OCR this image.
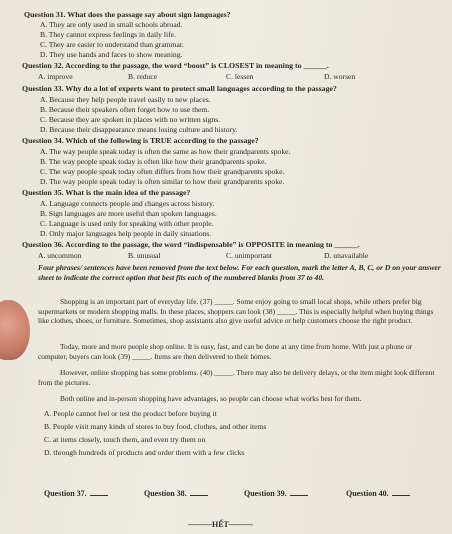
Question 31. What does the passage say about sign languages?
A. They are only used in small schools abroad.
B. They cannot express feelings in daily life.
C. They are easier to understand than grammar.
D. They use hands and faces to show meaning.
Question 32. According to the passage, the word “boost” is CLOSEST in meaning to ______.
A. improve	B. reduce	C. lessen	D. worsen
Question 33. Why do a lot of experts want to protect small languages according to the passage?
A. Because they help people travel easily to new places.
B. Because their speakers often forget how to use them.
C. Because they are spoken in places with no written signs.
D. Because their disappearance means losing culture and history.
Question 34. Which of the following is TRUE according to the passage?
A. The way people speak today is often the same as how their grandparents spoke.
B. The way people speak today is often like how their grandparents spoke.
C. The way people speak today often differs from how their grandparents spoke.
D. The way people speak today is often similar to how their grandparents spoke.
Question 35. What is the main idea of the passage?
A. Language connects people and changes across history.
B. Sign languages are more useful than spoken languages.
C. Language is used only for speaking with other people.
D. Only major languages help people in daily situations.
Question 36. According to the passage, the word “indispensable” is OPPOSITE in meaning to ______.
A. uncommon	B. unusual	C. unimportant	D. unavailable
Four phrases/ sentences have been removed from the text below. For each question, mark the letter A, B, C, or D on your answer sheet to indicate the correct option that best fits each of the numbered blanks from 37 to 40.
Shopping is an important part of everyday life. (37) _____. Some enjoy going to small local shops, while others prefer big supermarkets or modern shopping malls. In these places, shoppers can look (38) _____. This is especially helpful when buying things like clothes, shoes, or furniture. Sometimes, shop assistants also give useful advice or help customers choose the right product.
Today, more and more people shop online. It is easy, fast, and can be done at any time from home. With just a phone or computer, buyers can look (39) _____. Items are then delivered to their homes.
However, online shopping has some problems. (40) _____. There may also be delivery delays, or the item might look different from the pictures.
Both online and in-person shopping have advantages, so people can choose what works best for them.
A. People cannot feel or test the product before buying it
B. People visit many kinds of stores to buy food, clothes, and other items
C. at items closely, touch them, and even try them on
D. through hundreds of products and order them with a few clicks
Question 37.	Question 38.	Question 39.	Question 40.
———HẾT———
